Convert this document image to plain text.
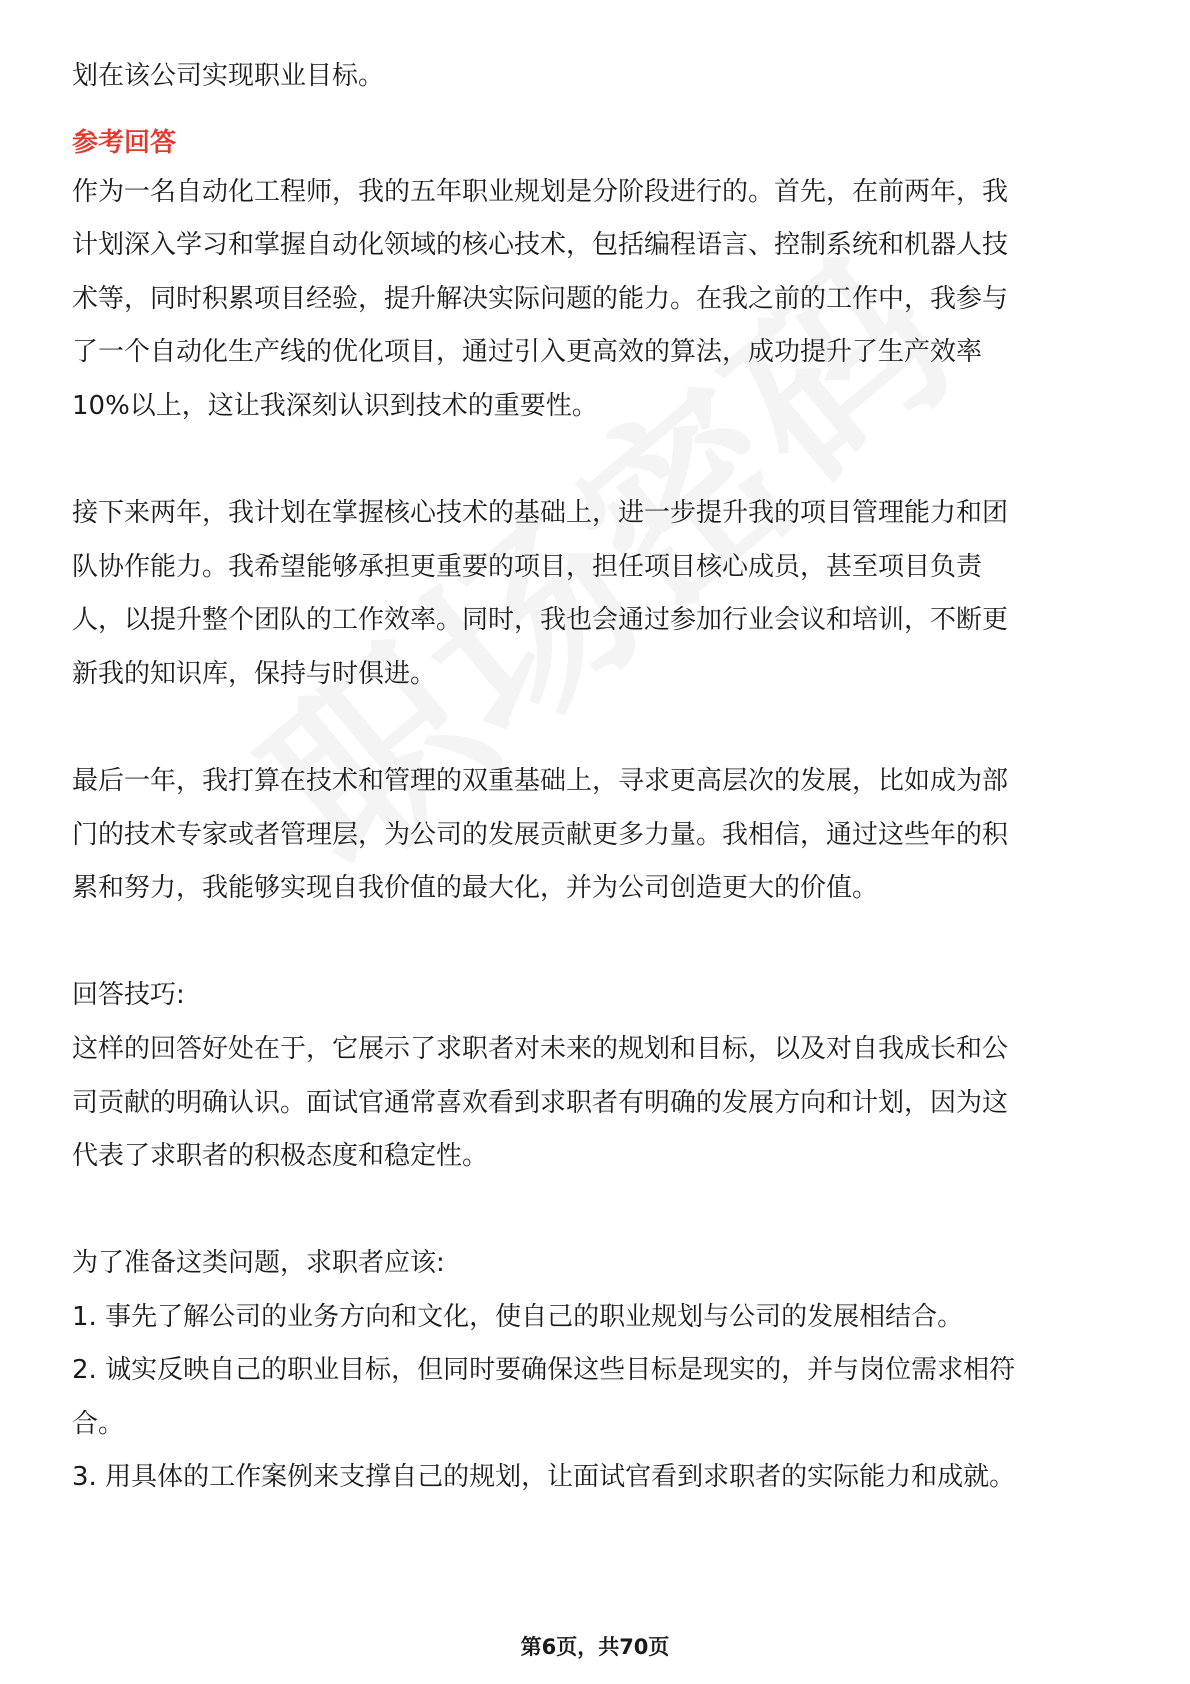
划在该公司实现职业目标。
参考回答
作为一名自动化工程师，我的五年职业规划是分阶段进行的。首先，在前两年，我
计划深入学习和掌握自动化领域的核心技术，包括编程语言、控制系统和机器人技
术等，同时积累项目经验，提升解决实际问题的能力。在我之前的工作中，我参与
了一个自动化生产线的优化项目，通过引入更高效的算法，成功提升了生产效率
10%以上，这让我深刻认识到技术的重要性。
接下来两年，我计划在掌握核心技术的基础上，进一步提升我的项目管理能力和团
队协作能力。我希望能够承担更重要的项目，担任项目核心成员，甚至项目负责
人，以提升整个团队的工作效率。同时，我也会通过参加行业会议和培训，不断更
新我的知识库，保持与时俱进。
最后一年，我打算在技术和管理的双重基础上，寻求更高层次的发展，比如成为部
门的技术专家或者管理层，为公司的发展贡献更多力量。我相信，通过这些年的积
累和努力，我能够实现自我价值的最大化，并为公司创造更大的价值。
回答技巧:
这样的回答好处在于，它展示了求职者对未来的规划和目标，以及对自我成长和公
司贡献的明确认识。面试官通常喜欢看到求职者有明确的发展方向和计划，因为这
代表了求职者的积极态度和稳定性。
为了准备这类问题，求职者应该:
1. 事先了解公司的业务方向和文化，使自己的职业规划与公司的发展相结合。
2. 诚实反映自己的职业目标，但同时要确保这些目标是现实的，并与岗位需求相符
合。
3. 用具体的工作案例来支撑自己的规划，让面试官看到求职者的实际能力和成就。
第6页，共70页
